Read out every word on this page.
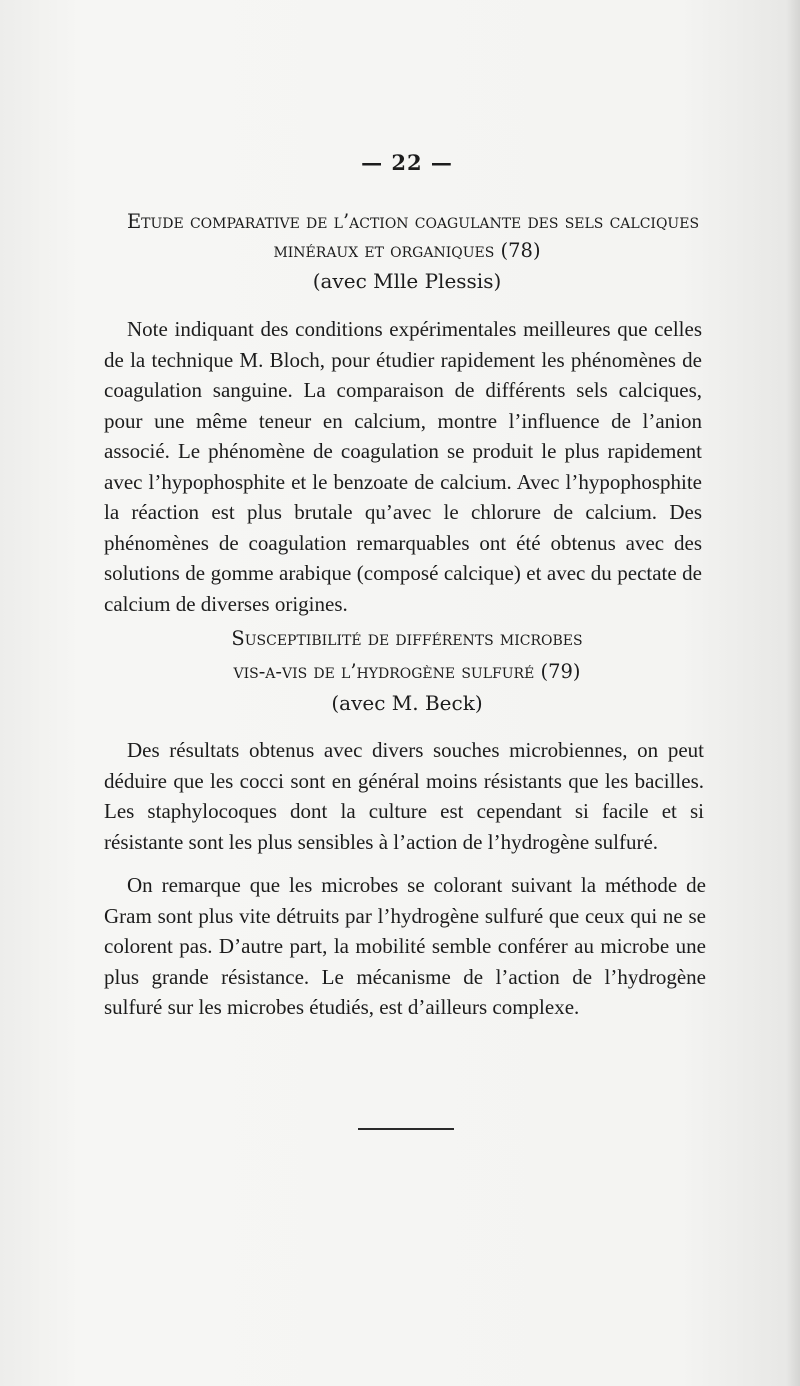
— 22 —

Etude comparative de l’action coagulante des sels calciques

minéraux et organiques (78)

(avec Mlle Plessis)

Note indiquant des conditions expérimentales meilleures que celles de la technique M. Bloch, pour étudier rapidement les phénomènes de coagulation sanguine. La comparaison de différents sels calciques, pour une même teneur en calcium, montre l’influence de l’anion associé. Le phénomène de coagulation se produit le plus rapidement avec l’hypophosphite et le benzoate de calcium. Avec l’hypophosphite la réaction est plus brutale qu’avec le chlorure de calcium. Des phénomènes de coagulation remarquables ont été obtenus avec des solutions de gomme arabique (composé calcique) et avec du pectate de calcium de diverses origines.

Susceptibilité de différents microbes

vis-a-vis de l’hydrogène sulfuré (79)

(avec M. Beck)

Des résultats obtenus avec divers souches microbiennes, on peut déduire que les cocci sont en général moins résistants que les bacilles. Les staphylocoques dont la culture est cependant si facile et si résistante sont les plus sensibles à l’action de l’hydrogène sulfuré.

On remarque que les microbes se colorant suivant la méthode de Gram sont plus vite détruits par l’hydrogène sulfuré que ceux qui ne se colorent pas. D’autre part, la mobilité semble conférer au microbe une plus grande résistance. Le mécanisme de l’action de l’hydrogène sulfuré sur les microbes étudiés, est d’ailleurs complexe.
